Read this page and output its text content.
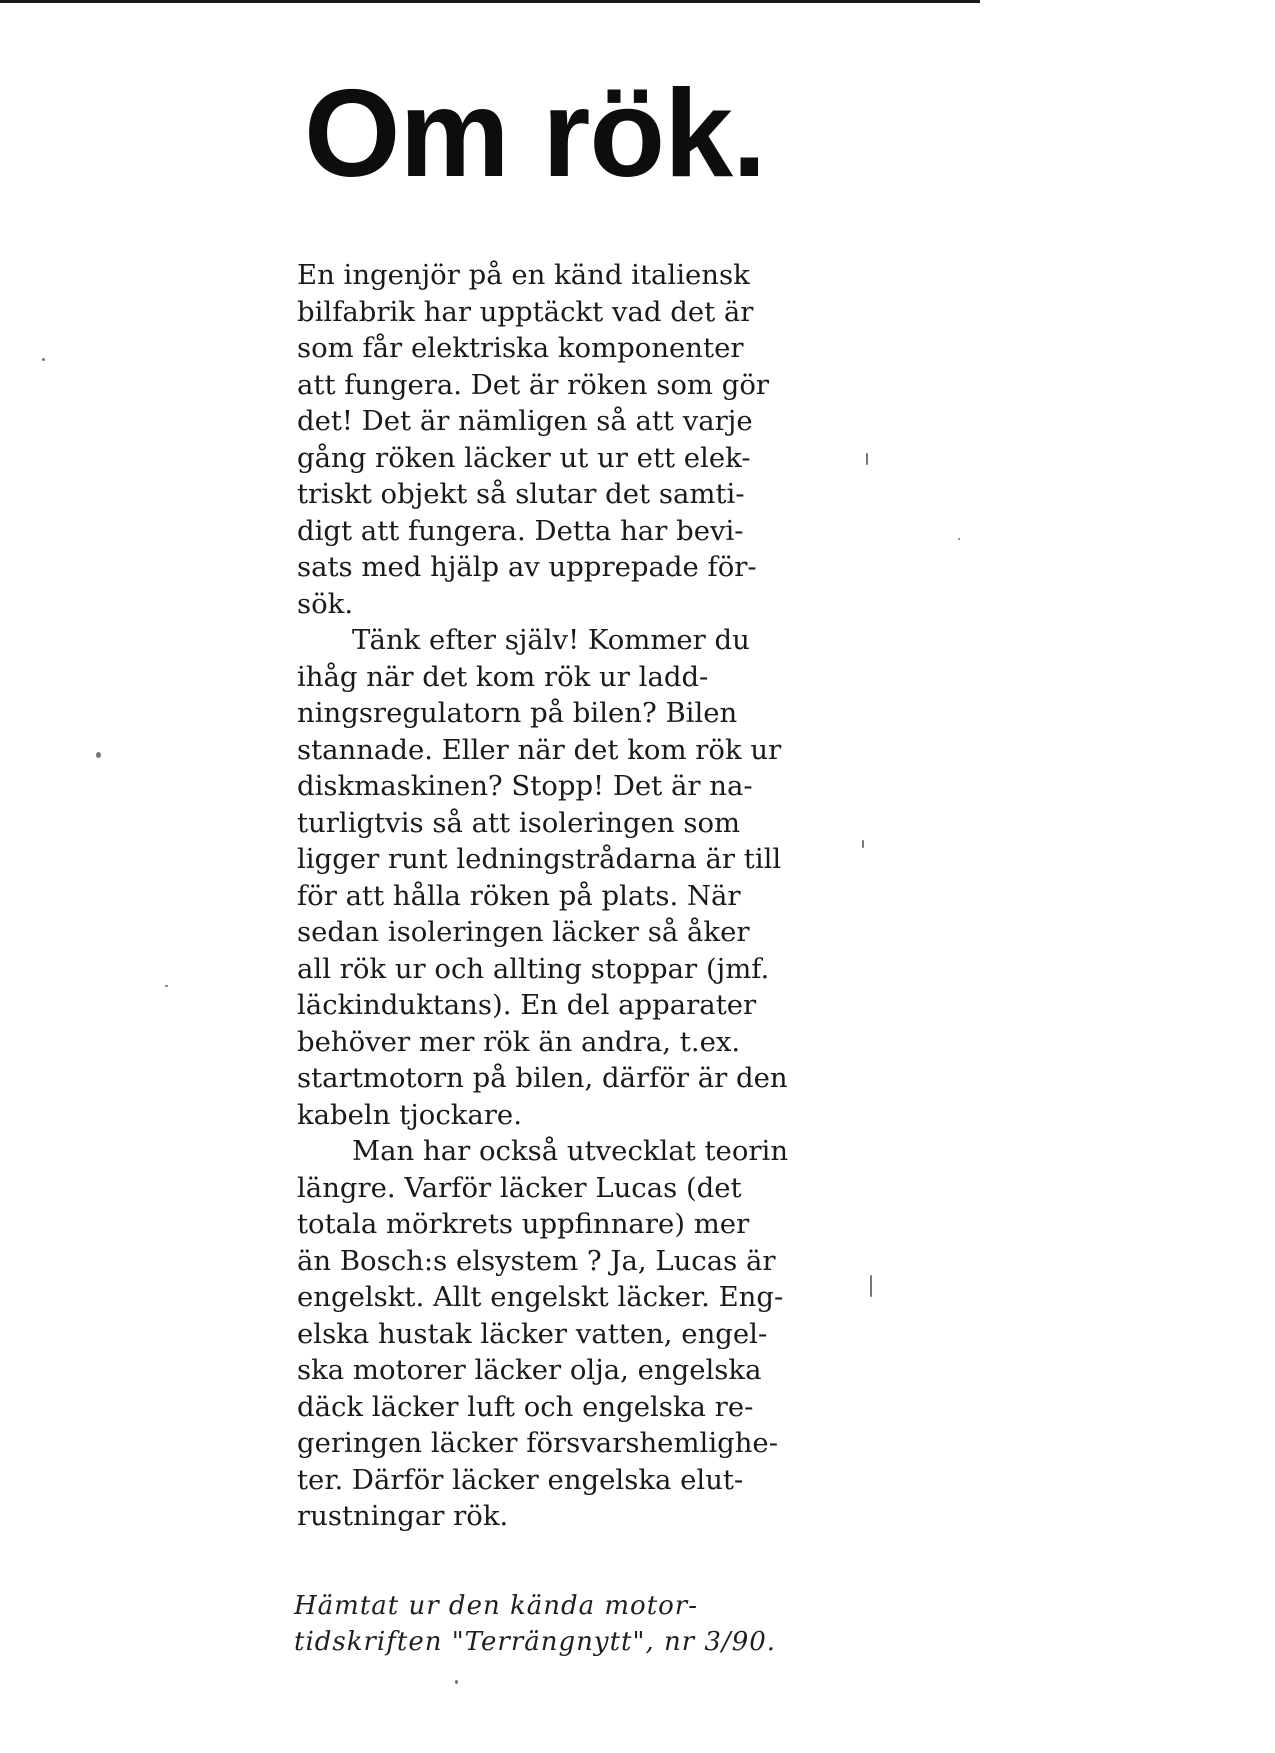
Om rök.

En ingenjör på en känd italiensk
bilfabrik har upptäckt vad det är
som får elektriska komponenter
att fungera. Det är röken som gör
det! Det är nämligen så att varje
gång röken läcker ut ur ett elek-
triskt objekt så slutar det samti-
digt att fungera. Detta har bevi-
sats med hjälp av upprepade för-
sök.

Tänk efter själv! Kommer du
ihåg när det kom rök ur ladd-
ningsregulatorn på bilen? Bilen
stannade. Eller när det kom rök ur
diskmaskinen? Stopp! Det är na-
turligtvis så att isoleringen som
ligger runt ledningstrådarna är till
för att hålla röken på plats. När
sedan isoleringen läcker så åker
all rök ur och allting stoppar (jmf.
läckinduktans). En del apparater
behöver mer rök än andra, t.ex.
startmotorn på bilen, därför är den
kabeln tjockare.

Man har också utvecklat teorin
längre. Varför läcker Lucas (det
totala mörkrets uppfinnare) mer
än Bosch:s elsystem ? Ja, Lucas är
engelskt. Allt engelskt läcker. Eng-
elska hustak läcker vatten, engel-
ska motorer läcker olja, engelska
däck läcker luft och engelska re-
geringen läcker försvarshemlighe-
ter. Därför läcker engelska elut-
rustningar rök.

Hämtat ur den kända motor-
tidskriften "Terrängnytt", nr 3/90.
